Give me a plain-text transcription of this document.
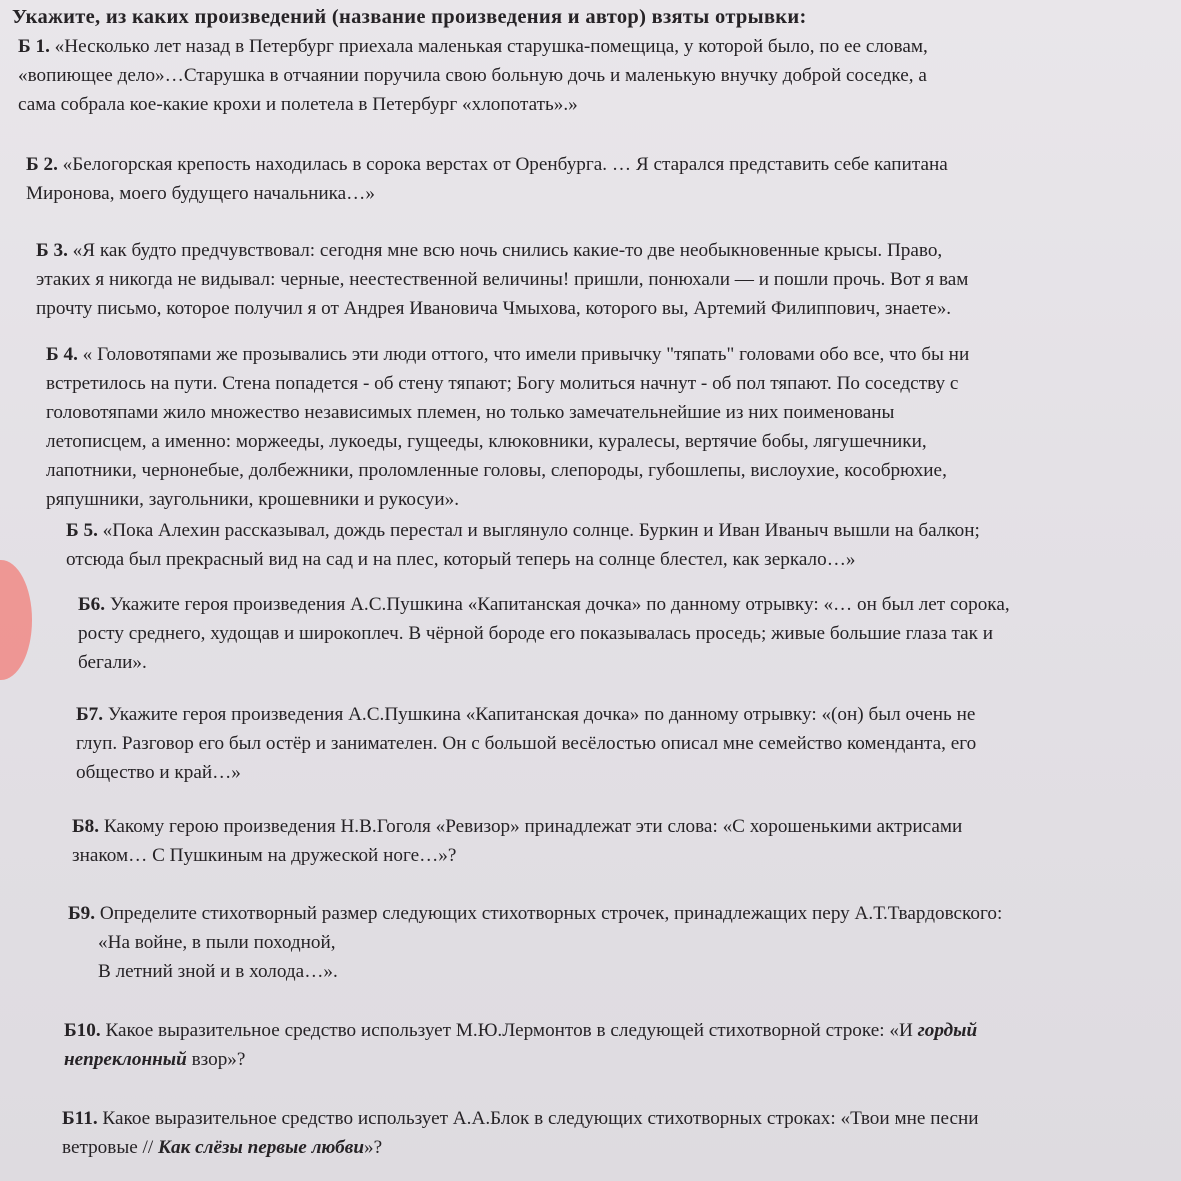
Укажите, из каких произведений (название произведения и автор) взяты отрывки:

Б 1. «Несколько лет назад в Петербург приехала маленькая старушка-помещица, у которой было, по ее словам,

«вопиющее дело»…Старушка в отчаянии поручила свою больную дочь и маленькую внучку доброй соседке, а

сама собрала кое-какие крохи и полетела в Петербург «хлопотать».»

Б 2. «Белогорская крепость находилась в сорока верстах от Оренбурга. … Я старался представить себе капитана

Миронова, моего будущего начальника…»

Б 3. «Я как будто предчувствовал: сегодня мне всю ночь снились какие-то две необыкновенные крысы. Право,

этаких я никогда не видывал: черные, неестественной величины! пришли, понюхали — и пошли прочь. Вот я вам

прочту письмо, которое получил я от Андрея Ивановича Чмыхова, которого вы, Артемий Филиппович, знаете».

Б 4. « Головотяпами же прозывались эти люди оттого, что имели привычку "тяпать" головами обо все, что бы ни

встретилось на пути. Стена попадется - об стену тяпают; Богу молиться начнут - об пол тяпают. По соседству с

головотяпами жило множество независимых племен, но только замечательнейшие из них поименованы

летописцем, а именно: моржееды, лукоеды, гущееды, клюковники, куралесы, вертячие бобы, лягушечники,

лапотники, чернонебые, долбежники, проломленные головы, слепороды, губошлепы, вислоухие, кособрюхие,

ряпушники, заугольники, крошевники и рукосуи».

Б 5. «Пока Алехин рассказывал, дождь перестал и выглянуло солнце. Буркин и Иван Иваныч вышли на балкон;

отсюда был прекрасный вид на сад и на плес, который теперь на солнце блестел, как зеркало…»

Б6. Укажите героя произведения А.С.Пушкина «Капитанская дочка» по данному отрывку: «… он был лет сорока,

росту среднего, худощав и широкоплеч. В чёрной бороде его показывалась проседь; живые большие глаза так и

бегали».

Б7. Укажите героя произведения А.С.Пушкина «Капитанская дочка» по данному отрывку: «(он) был очень не

глуп. Разговор его был остёр и занимателен. Он с большой весёлостью описал мне семейство коменданта, его

общество и край…»

Б8. Какому герою произведения Н.В.Гоголя «Ревизор» принадлежат эти слова: «С хорошенькими актрисами

знаком… С Пушкиным на дружеской ноге…»?

Б9. Определите стихотворный размер следующих стихотворных строчек, принадлежащих перу А.Т.Твардовского:

«На войне, в пыли походной,

В летний зной и в холода…».

Б10. Какое выразительное средство использует М.Ю.Лермонтов в следующей стихотворной строке: «И гордый

непреклонный взор»?

Б11. Какое выразительное средство использует А.А.Блок в следующих стихотворных строках: «Твои мне песни

ветровые // Как слёзы первые любви»?
